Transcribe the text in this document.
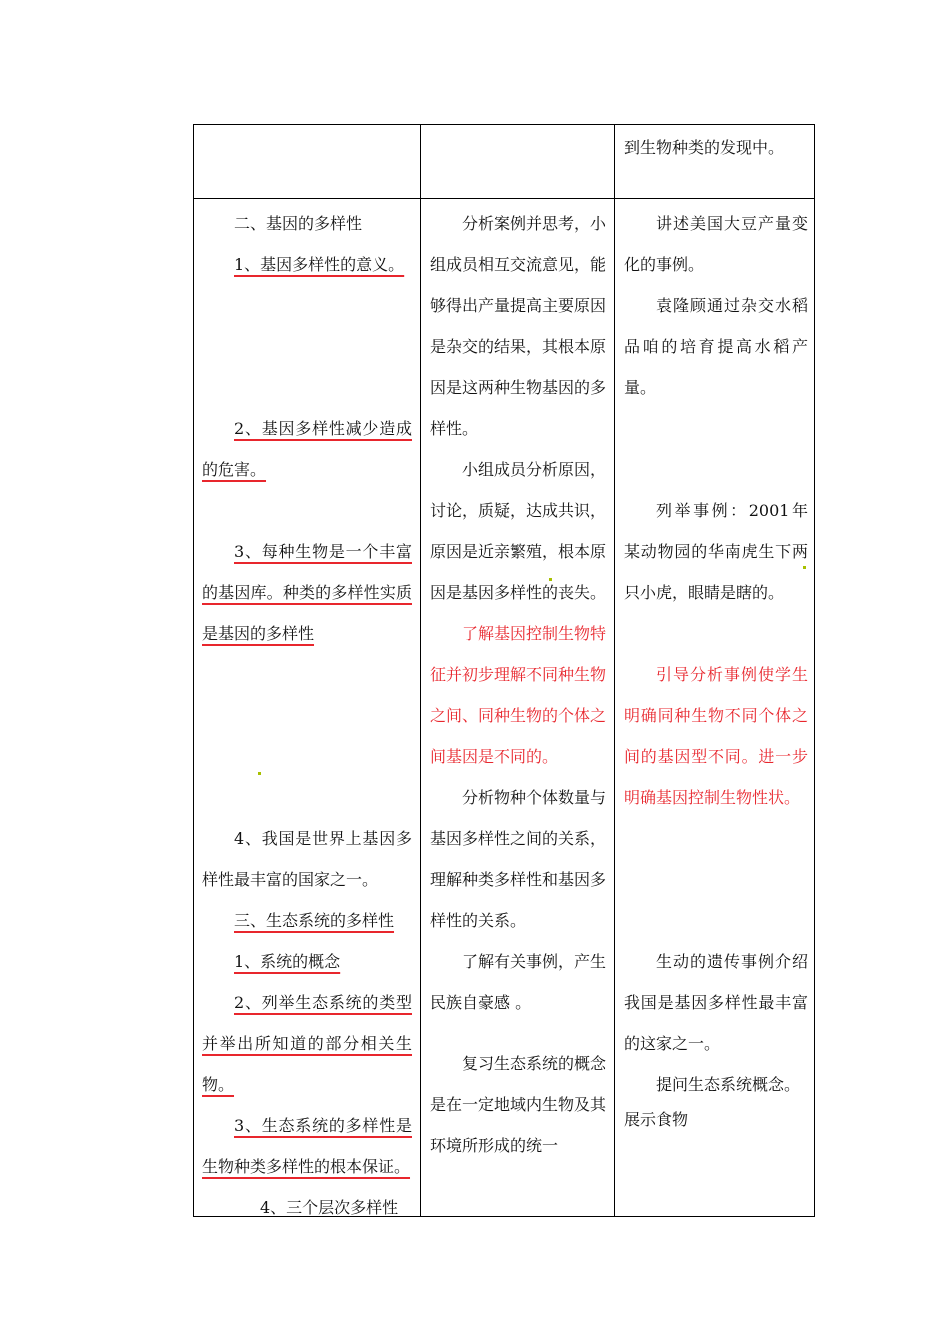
到生物种类的发现中。

二、基因的多样性

1、基因多样性的意义。

2、基因多样性减少造成的危害。

3、每种生物是一个丰富的基因库。种类的多样性实质是基因的多样性

4、我国是世界上基因多样性最丰富的国家之一。

三、生态系统的多样性

1、系统的概念

2、列举生态系统的类型并举出所知道的部分相关生物。

3、生态系统的多样性是生物种类多样性的根本保证。

4、三个层次多样性

分析案例并思考，小组成员相互交流意见，能够得出产量提高主要原因是杂交的结果，其根本原因是这两种生物基因的多样性。

小组成员分析原因，讨论，质疑，达成共识，原因是近亲繁殖，根本原因是基因多样性的丧失。

了解基因控制生物特征并初步理解不同种生物之间、同种生物的个体之间基因是不同的。

分析物种个体数量与基因多样性之间的关系，理解种类多样性和基因多样性的关系。

了解有关事例，产生民族自豪感 。

复习生态系统的概念是在一定地域内生物及其环境所形成的统一

讲述美国大豆产量变化的事例。

袁隆顾通过杂交水稻品咱的培育提高水稻产量。

列举事例：2001年某动物园的华南虎生下两只小虎，眼睛是瞎的。

引导分析事例使学生明确同种生物不同个体之间的基因型不同。进一步明确基因控制生物性状。

生动的遗传事例介绍我国是基因多样性最丰富的这家之一。

提问生态系统概念。

展示食物
